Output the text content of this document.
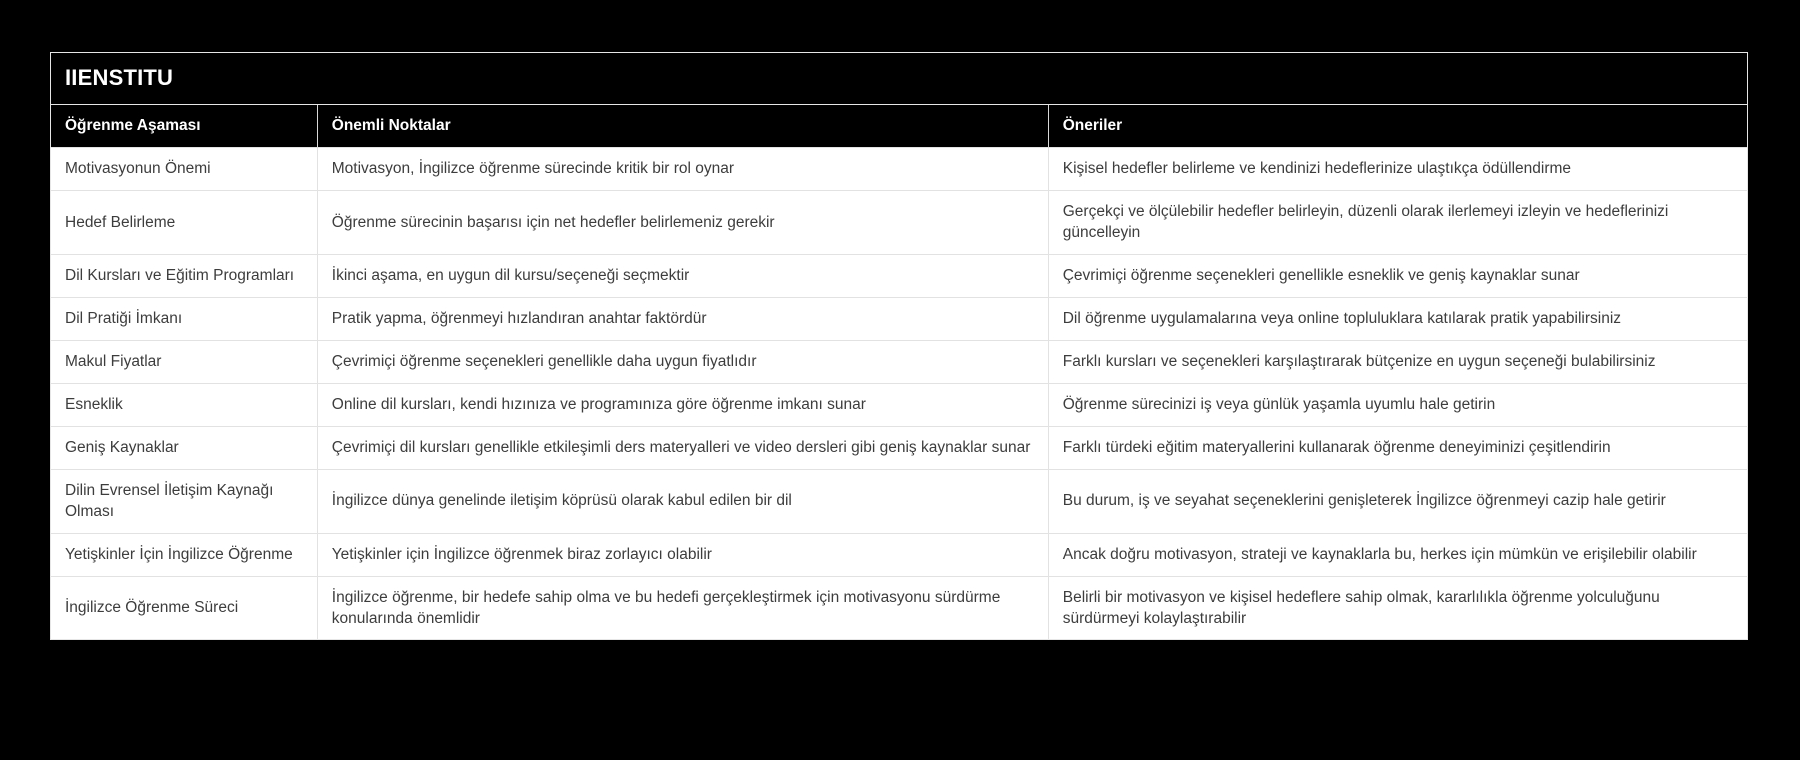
IIENSTITU
Öğrenme Aşaması	Önemli Noktalar	Öneriler
Motivasyonun Önemi	Motivasyon, İngilizce öğrenme sürecinde kritik bir rol oynar	Kişisel hedefler belirleme ve kendinizi hedeflerinize ulaştıkça ödüllendirme
Hedef Belirleme	Öğrenme sürecinin başarısı için net hedefler belirlemeniz gerekir	Gerçekçi ve ölçülebilir hedefler belirleyin, düzenli olarak ilerlemeyi izleyin ve hedeflerinizi güncelleyin
Dil Kursları ve Eğitim Programları	İkinci aşama, en uygun dil kursu/seçeneği seçmektir	Çevrimiçi öğrenme seçenekleri genellikle esneklik ve geniş kaynaklar sunar
Dil Pratiği İmkanı	Pratik yapma, öğrenmeyi hızlandıran anahtar faktördür	Dil öğrenme uygulamalarına veya online topluluklara katılarak pratik yapabilirsiniz
Makul Fiyatlar	Çevrimiçi öğrenme seçenekleri genellikle daha uygun fiyatlıdır	Farklı kursları ve seçenekleri karşılaştırarak bütçenize en uygun seçeneği bulabilirsiniz
Esneklik	Online dil kursları, kendi hızınıza ve programınıza göre öğrenme imkanı sunar	Öğrenme sürecinizi iş veya günlük yaşamla uyumlu hale getirin
Geniş Kaynaklar	Çevrimiçi dil kursları genellikle etkileşimli ders materyalleri ve video dersleri gibi geniş kaynaklar sunar	Farklı türdeki eğitim materyallerini kullanarak öğrenme deneyiminizi çeşitlendirin
Dilin Evrensel İletişim Kaynağı Olması	İngilizce dünya genelinde iletişim köprüsü olarak kabul edilen bir dil	Bu durum, iş ve seyahat seçeneklerini genişleterek İngilizce öğrenmeyi cazip hale getirir
Yetişkinler İçin İngilizce Öğrenme	Yetişkinler için İngilizce öğrenmek biraz zorlayıcı olabilir	Ancak doğru motivasyon, strateji ve kaynaklarla bu, herkes için mümkün ve erişilebilir olabilir
İngilizce Öğrenme Süreci	İngilizce öğrenme, bir hedefe sahip olma ve bu hedefi gerçekleştirmek için motivasyonu sürdürme konularında önemlidir	Belirli bir motivasyon ve kişisel hedeflere sahip olmak, kararlılıkla öğrenme yolculuğunu sürdürmeyi kolaylaştırabilir
